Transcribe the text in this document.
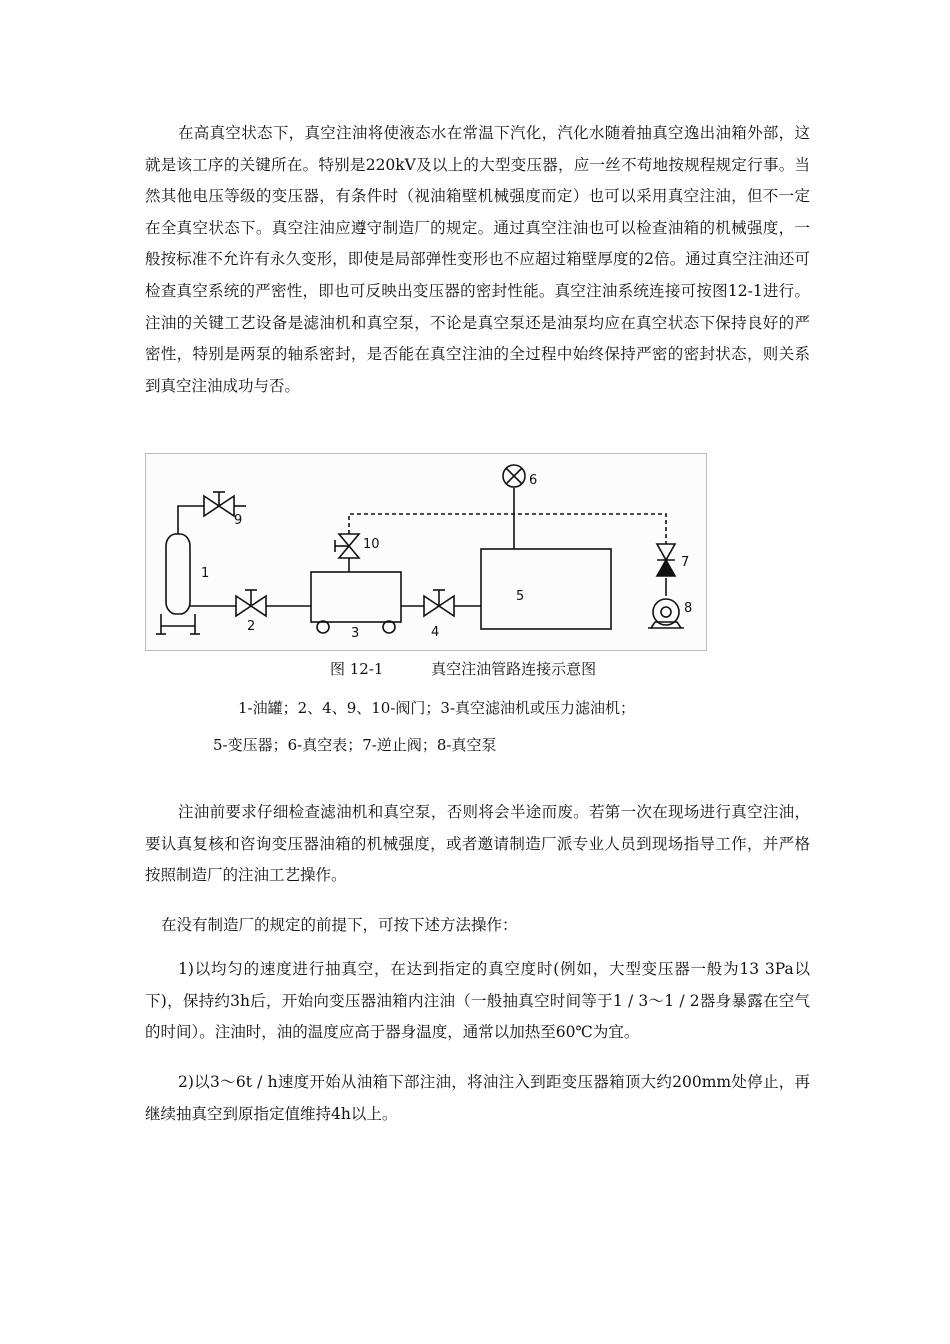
在高真空状态下，真空注油将使液态水在常温下汽化，汽化水随着抽真空逸出油箱外部，这就是该工序的关键所在。特别是220kV及以上的大型变压器，应一丝不苟地按规程规定行事。当然其他电压等级的变压器，有条件时（视油箱壁机械强度而定）也可以采用真空注油，但不一定在全真空状态下。真空注油应遵守制造厂的规定。通过真空注油也可以检查油箱的机械强度，一般按标准不允许有永久变形，即使是局部弹性变形也不应超过箱壁厚度的2倍。通过真空注油还可检查真空系统的严密性，即也可反映出变压器的密封性能。真空注油系统连接可按图12-1进行。注油的关键工艺设备是滤油机和真空泵，不论是真空泵还是油泵均应在真空状态下保持良好的严密性，特别是两泵的轴系密封，是否能在真空注油的全过程中始终保持严密的密封状态，则关系到真空注油成功与否。

1
2	3	4
5
6
7
8
9
10
图 12-1	真空注油管路连接示意图
1-油罐；2、4、9、10-阀门；3-真空滤油机或压力滤油机；
5-变压器；6-真空表；7-逆止阀；8-真空泵

注油前要求仔细检查滤油机和真空泵，否则将会半途而废。若第一次在现场进行真空注油，要认真复核和咨询变压器油箱的机械强度，或者邀请制造厂派专业人员到现场指导工作，并严格按照制造厂的注油工艺操作。

在没有制造厂的规定的前提下，可按下述方法操作：

1)以均匀的速度进行抽真空，在达到指定的真空度时(例如，大型变压器一般为13 3Pa以下)，保持约3h后，开始向变压器油箱内注油（一般抽真空时间等于1 / 3～1 / 2器身暴露在空气的时间）。注油时，油的温度应高于器身温度，通常以加热至60℃为宜。

2)以3～6t / h速度开始从油箱下部注油，将油注入到距变压器箱顶大约200mm处停止，再继续抽真空到原指定值维持4h以上。
